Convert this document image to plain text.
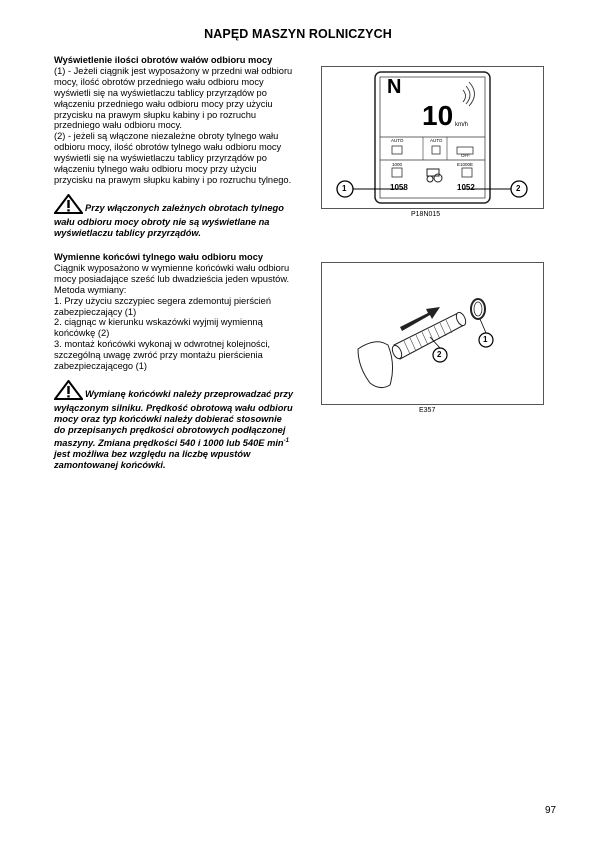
NAPĘD MASZYN ROLNICZYCH
Wyświetlenie ilości obrotów wałów odbioru mocy
(1) - Jeżeli ciągnik jest wyposażony w przedni wał odbioru
mocy, ilość obrotów przedniego wału odbioru mocy
wyświetli się na wyświetlaczu tablicy przyrządów po
włączeniu przedniego wału odbioru mocy przy użyciu
przycisku na prawym słupku kabiny i po rozruchu
przedniego wału odbioru mocy.
(2) - jeżeli są włączone niezależne obroty tylnego wału
odbioru mocy, ilość obrotów tylnego wału odbioru mocy
wyświetli się na wyświetlaczu tablicy przyrządów po
włączeniu tylnego wału odbioru mocy przy użyciu
przycisku na prawym słupku kabiny i po rozruchu tylnego.
Przy włączonych zależnych obrotach tylnego
wału odbioru mocy obroty nie są wyświetlane na
wyświetlaczu tablicy przyrządów.
Wymienne końcówi tylnego wału odbioru mocy
Ciągnik wyposażono w wymienne końcówki wału odbioru
mocy posiadające sześć lub dwadzieścia jeden wpustów.
Metoda wymiany:
1. Przy użyciu szczypiec segera zdemontuj pierścień
zabezpieczający (1)
2. ciągnąc w kierunku wskazówki wyjmij wymienną
końcówkę (2)
3. montaż końcówki wykonaj w odwrotnej kolejności,
szczególną uwagę zwróć przy montażu pierścienia
zabezpieczającego (1)
Wymianę końcówki należy przeprowadzać przy
wyłączonym silniku. Prędkość obrotową wału odbioru
mocy oraz typ końcówki należy dobierać stosownie
do przepisanych prędkości obrotowych podłączonej
maszyny. Zmiana prędkości 540 i 1000 lub 540E $\min^{-1}$
jest możliwa bez względu na liczbę wpustów
zamontowanej końcówki.
N
10 km/h
AUTO	AUTO
OFF
1000	E1000E
1058	1052
1	2
P18N015
1
2
E357
97
